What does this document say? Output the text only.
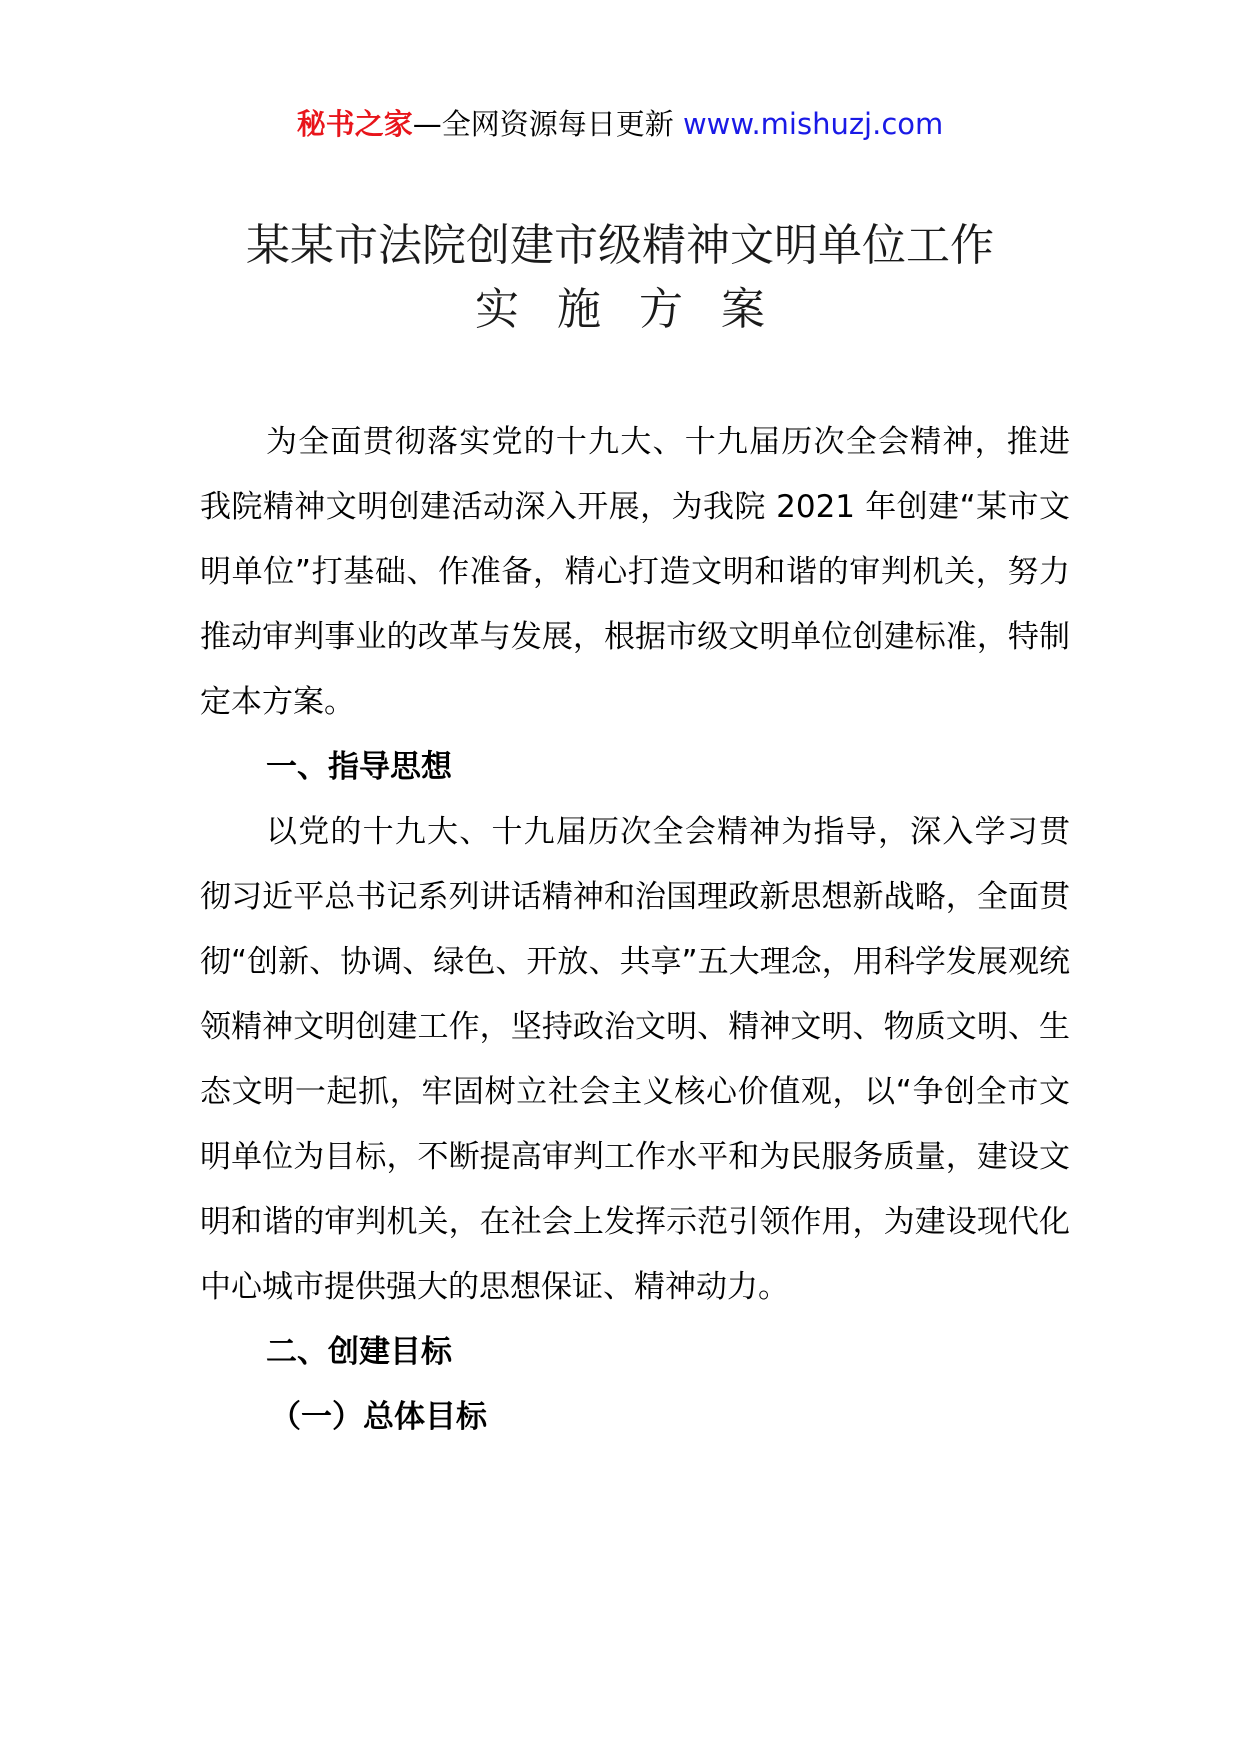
秘书之家—全网资源每日更新 www.mishuzj.com
某某市法院创建市级精神文明单位工作
实施方案

为全面贯彻落实党的十九大、十九届历次全会精神，推进我院精神文明创建活动深入开展，为我院 2021 年创建“某市文明单位”打基础、作准备，精心打造文明和谐的审判机关，努力推动审判事业的改革与发展，根据市级文明单位创建标准，特制定本方案。

一、指导思想

以党的十九大、十九届历次全会精神为指导，深入学习贯彻习近平总书记系列讲话精神和治国理政新思想新战略，全面贯彻“创新、协调、绿色、开放、共享”五大理念，用科学发展观统领精神文明创建工作，坚持政治文明、精神文明、物质文明、生态文明一起抓，牢固树立社会主义核心价值观，以“争创全市文明单位为目标，不断提高审判工作水平和为民服务质量，建设文明和谐的审判机关，在社会上发挥示范引领作用，为建设现代化中心城市提供强大的思想保证、精神动力。

二、创建目标

（一）总体目标
